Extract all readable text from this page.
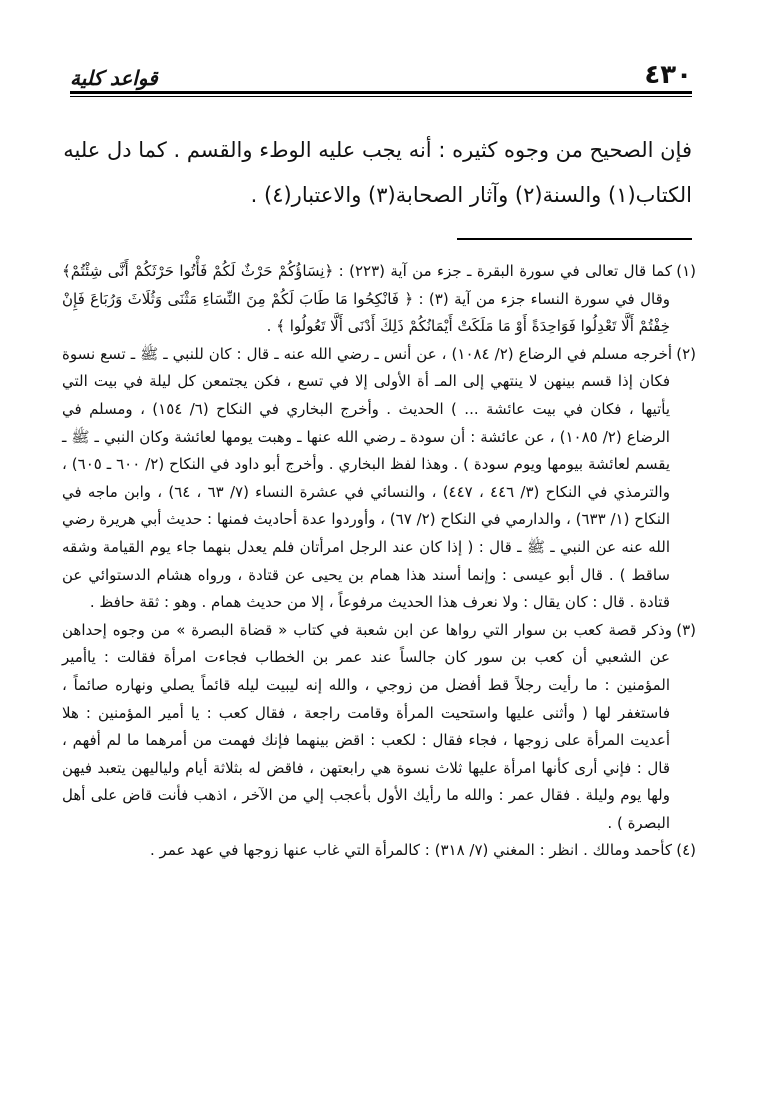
٤٣٠
قواعد كلية
فإن الصحيح من وجوه كثيره : أنه يجب عليه الوطء والقسم . كما دل عليه
الكتاب(١) والسنة(٢) وآثار الصحابة(٣) والاعتبار(٤) .

(١)كما قال تعالى في سورة البقرة ـ جزء من آية (٢٢٣) : ﴿نِسَاؤُكُمْ حَرْثٌ لَكُمْ فَأْتُوا حَرْثَكُمْ أَنَّى شِئْتُمْ﴾ وقال في سورة النساء جزء من آية (٣) : ﴿ فَانْكِحُوا مَا طَابَ لَكُمْ مِنَ النِّسَاءِ مَثْنَى وَثُلَاثَ وَرُبَاعَ فَإِنْ خِفْتُمْ أَلَّا تَعْدِلُوا فَوَاحِدَةً أَوْ مَا مَلَكَتْ أَيْمَانُكُمْ ذَلِكَ أَدْنَى أَلَّا تَعُولُوا ﴾ .

(٢)أخرجه مسلم في الرضاع (٢/ ١٠٨٤) ، عن أنس ـ رضي الله عنه ـ قال : كان للنبي ـ ﷺ ـ تسع نسوة فكان إذا قسم بينهن لا ينتهي إلى المـ أة الأولى إلا في تسع ، فكن يجتمعن كل ليلة في بيت التي يأتيها ، فكان في بيت عائشة ... ) الحديث . وأخرج البخاري في النكاح (٦/ ١٥٤) ، ومسلم في الرضاع (٢/ ١٠٨٥) ، عن عائشة : أن سودة ـ رضي الله عنها ـ وهبت يومها لعائشة وكان النبي ـ ﷺ ـ يقسم لعائشة بيومها ويوم سودة ) . وهذا لفظ البخاري . وأخرج أبو داود في النكاح (٢/ ٦٠٠ ـ ٦٠٥) ، والترمذي في النكاح (٣/ ٤٤٦ ، ٤٤٧) ، والنسائي في عشرة النساء (٧/ ٦٣ ، ٦٤) ، وابن ماجه في النكاح (١/ ٦٣٣) ، والدارمي في النكاح (٢/ ٦٧) ، وأوردوا عدة أحاديث فمنها : حديث أبي هريرة رضي الله عنه عن النبي ـ ﷺ ـ قال : ( إذا كان عند الرجل امرأتان فلم يعدل بنهما جاء يوم القيامة وشقه ساقط ) . قال أبو عيسى : وإنما أسند هذا همام بن يحيى عن قتادة ، ورواه هشام الدستوائي عن قتادة . قال : كان يقال : ولا نعرف هذا الحديث مرفوعاً ، إلا من حديث همام . وهو : ثقة حافظ .

(٣)وذكر قصة كعب بن سوار التي رواها عن ابن شعبة في كتاب « قضاة البصرة » من وجوه إحداهن عن الشعبي أن كعب بن سور كان جالساً عند عمر بن الخطاب فجاءت امرأة فقالت : ياأمير المؤمنين : ما رأيت رجلاً قط أفضل من زوجي ، والله إنه ليبيت ليله قائماً يصلي ونهاره صائماً ، فاستغفر لها ( وأثنى عليها واستحيت المرأة وقامت راجعة ، فقال كعب : يا أمير المؤمنين : هلا أعديت المرأة على زوجها ، فجاء فقال : لكعب : اقض بينهما فإنك فهمت من أمرهما ما لم أفهم ، قال : فإني أرى كأنها امرأة عليها ثلاث نسوة هي رابعتهن ، فاقض له بثلاثة أيام ولياليهن يتعبد فيهن ولها يوم وليلة . فقال عمر : والله ما رأيك الأول بأعجب إلي من الآخر ، اذهب فأنت قاض على أهل البصرة ) .

(٤)كأحمد ومالك . انظر : المغني (٧/ ٣١٨) : كالمرأة التي غاب عنها زوجها في عهد عمر .
